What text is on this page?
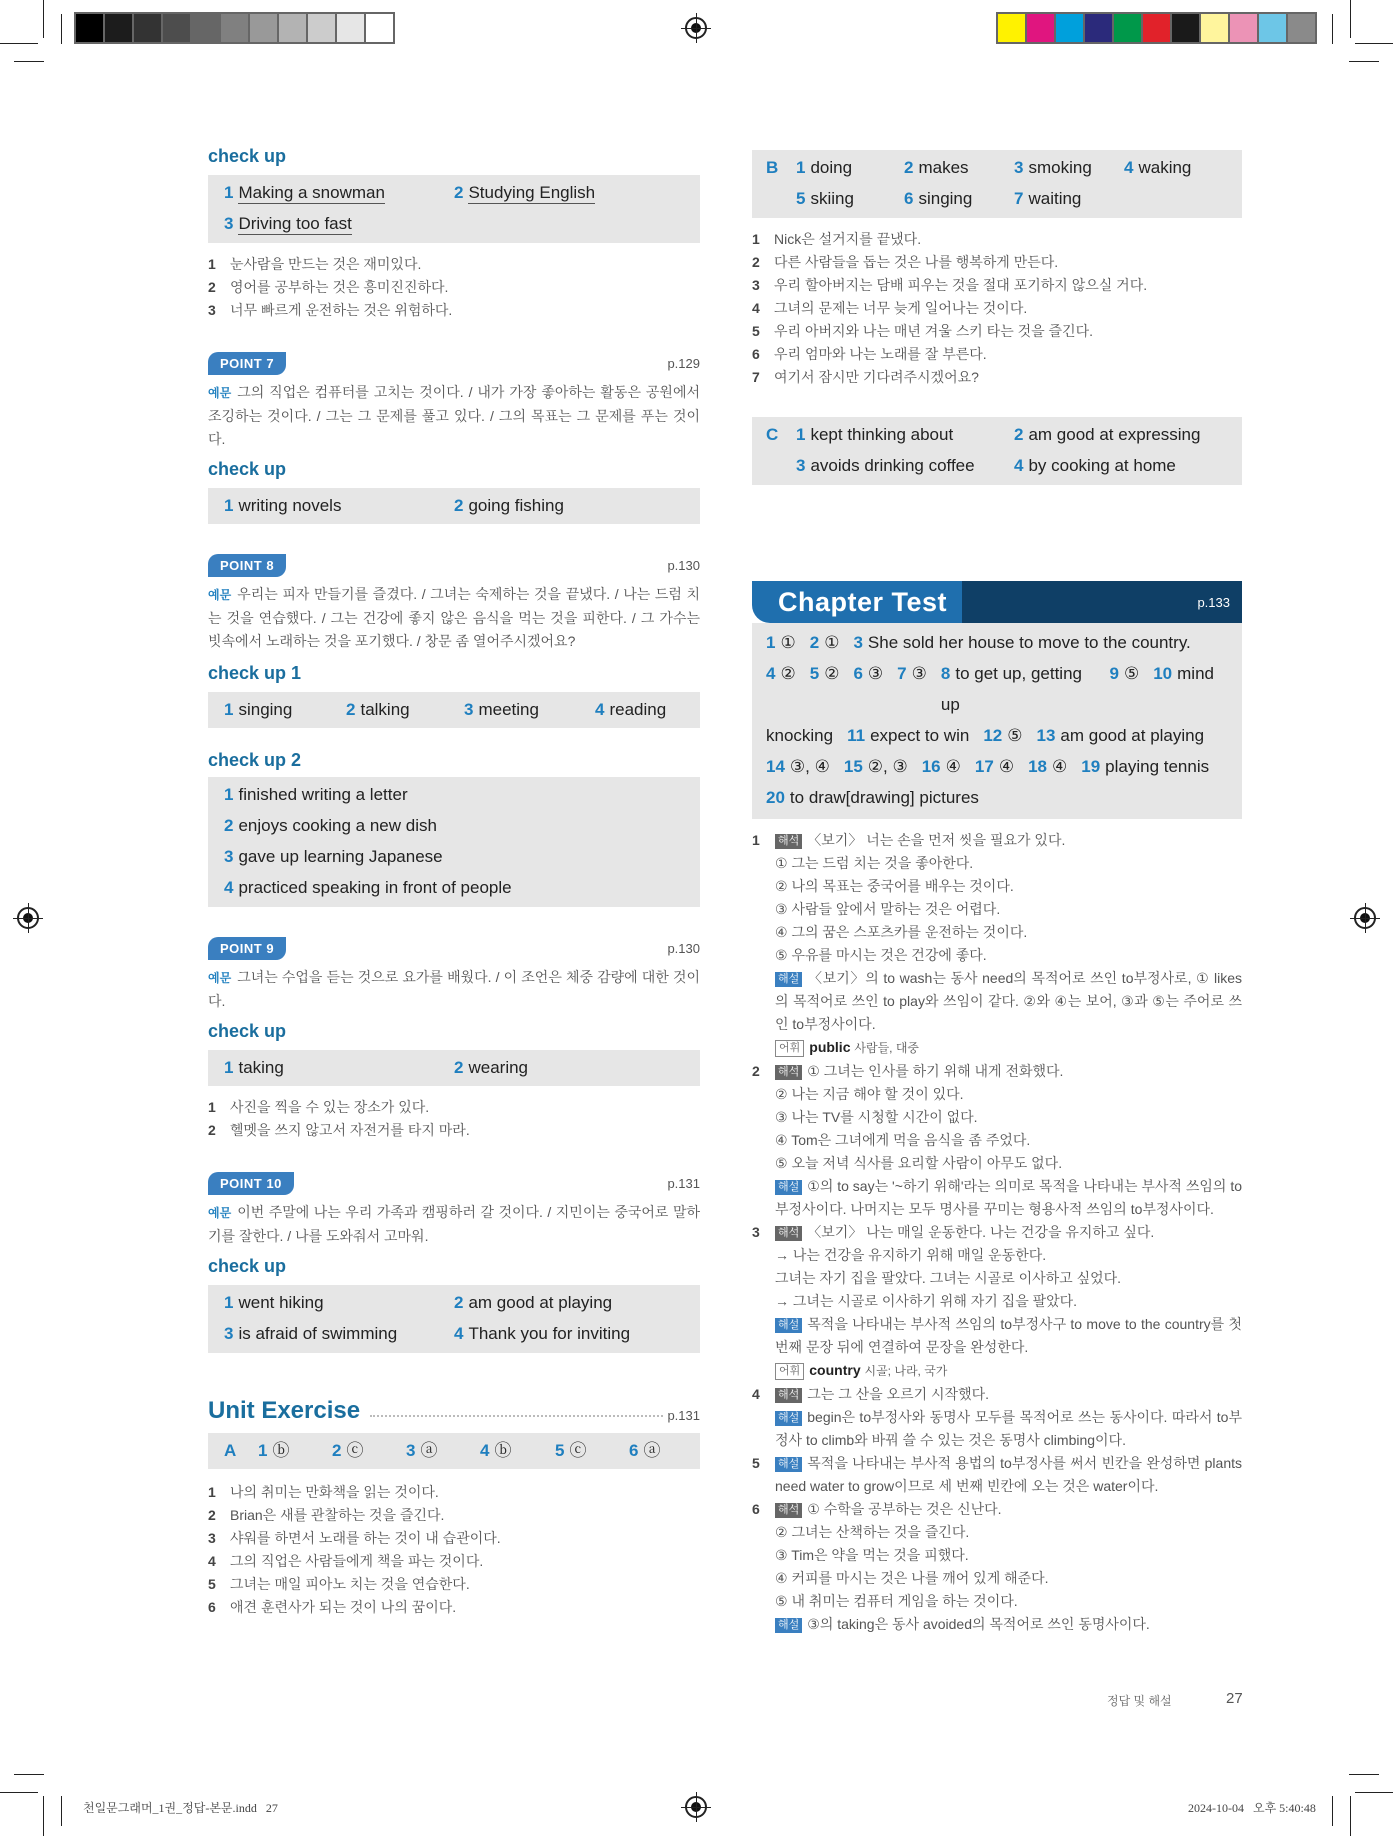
천일문그래머_1권_정답-본문.indd   27	2024-10-04   오후 5:40:48

check up

1 Making a snowman	2 Studying English
3 Driving too fast
1	눈사람을 만드는 것은 재미있다.
2	영어를 공부하는 것은 흥미진진하다.
3	너무 빠르게 운전하는 것은 위험하다.
POINT 7	p.129
예문 그의 직업은 컴퓨터를 고치는 것이다. / 내가 가장 좋아하는 활동은 공원에서 조깅하는 것이다. / 그는 그 문제를 풀고 있다. / 그의 목표는 그 문제를 푸는 것이다.

check up

1 writing novels	2 going fishing
POINT 8	p.130
예문 우리는 피자 만들기를 즐겼다. / 그녀는 숙제하는 것을 끝냈다. / 나는 드럼 치는 것을 연습했다. / 그는 건강에 좋지 않은 음식을 먹는 것을 피한다. / 그 가수는 빗속에서 노래하는 것을 포기했다. / 창문 좀 열어주시겠어요?

check up 1

1 singing	2 talking	3 meeting	4 reading

check up 2

1 finished writing a letter
2 enjoys cooking a new dish
3 gave up learning Japanese
4 practiced speaking in front of people
POINT 9	p.130
예문 그녀는 수업을 듣는 것으로 요가를 배웠다. / 이 조언은 체중 감량에 대한 것이다.

check up

1 taking	2 wearing
1	사진을 찍을 수 있는 장소가 있다.
2	헬멧을 쓰지 않고서 자전거를 타지 마라.
POINT 10	p.131
예문 이번 주말에 나는 우리 가족과 캠핑하러 갈 것이다. / 지민이는 중국어로 말하기를 잘한다. / 나를 도와줘서 고마워.

check up

1 went hiking	2 am good at playing
3 is afraid of swimming	4 Thank you for inviting
Unit Exercise	p.131
A	1 ⓑ	2 ⓒ	3 ⓐ	4 ⓑ	5 ⓒ	6 ⓐ
1	나의 취미는 만화책을 읽는 것이다.
2	Brian은 새를 관찰하는 것을 즐긴다.
3	샤워를 하면서 노래를 하는 것이 내 습관이다.
4	그의 직업은 사람들에게 책을 파는 것이다.
5	그녀는 매일 피아노 치는 것을 연습한다.
6	애견 훈련사가 되는 것이 나의 꿈이다.
B	1 doing	2 makes	3 smoking	4 waking
5 skiing	6 singing	7 waiting
1	Nick은 설거지를 끝냈다.
2	다른 사람들을 돕는 것은 나를 행복하게 만든다.
3	우리 할아버지는 담배 피우는 것을 절대 포기하지 않으실 거다.
4	그녀의 문제는 너무 늦게 일어나는 것이다.
5	우리 아버지와 나는 매년 겨울 스키 타는 것을 즐긴다.
6	우리 엄마와 나는 노래를 잘 부른다.
7	여기서 잠시만 기다려주시겠어요?
C	1 kept thinking about	2 am good at expressing
3 avoids drinking coffee	4 by cooking at home
Chapter Test	p.133
1 ① 2 ① 3 She sold her house to move to the country.
4 ② 5 ② 6 ③ 7 ③ 8 to get up, getting up
9 ⑤ 10 mind
knocking 11 expect to win 12 ⑤ 13 am good at playing
14 ③, ④ 15 ②, ③ 16 ④ 17 ④ 18 ④ 19 playing tennis
20 to draw[drawing] pictures
1	해석 〈보기〉 너는 손을 먼저 씻을 필요가 있다.
① 그는 드럼 치는 것을 좋아한다.
② 나의 목표는 중국어를 배우는 것이다.
③ 사람들 앞에서 말하는 것은 어렵다.
④ 그의 꿈은 스포츠카를 운전하는 것이다.
⑤ 우유를 마시는 것은 건강에 좋다.
해설 〈보기〉의 to wash는 동사 need의 목적어로 쓰인 to부정사로, ① likes의 목적어로 쓰인 to play와 쓰임이 같다. ②와 ④는 보어, ③과 ⑤는 주어로 쓰인 to부정사이다.
어휘 public 사람들, 대중
2	해석 ① 그녀는 인사를 하기 위해 내게 전화했다.
② 나는 지금 해야 할 것이 있다.
③ 나는 TV를 시청할 시간이 없다.
④ Tom은 그녀에게 먹을 음식을 좀 주었다.
⑤ 오늘 저녁 식사를 요리할 사람이 아무도 없다.
해설 ①의 to say는 '~하기 위해'라는 의미로 목적을 나타내는 부사적 쓰임의 to부정사이다. 나머지는 모두 명사를 꾸미는 형용사적 쓰임의 to부정사이다.
3	해석 〈보기〉 나는 매일 운동한다. 나는 건강을 유지하고 싶다.
→ 나는 건강을 유지하기 위해 매일 운동한다.
그녀는 자기 집을 팔았다. 그녀는 시골로 이사하고 싶었다.
→ 그녀는 시골로 이사하기 위해 자기 집을 팔았다.
해설 목적을 나타내는 부사적 쓰임의 to부정사구 to move to the country를 첫 번째 문장 뒤에 연결하여 문장을 완성한다.
어휘 country 시골; 나라, 국가
4	해석 그는 그 산을 오르기 시작했다.
해설 begin은 to부정사와 동명사 모두를 목적어로 쓰는 동사이다. 따라서 to부정사 to climb와 바꿔 쓸 수 있는 것은 동명사 climbing이다.
5	해설 목적을 나타내는 부사적 용법의 to부정사를 써서 빈칸을 완성하면 plants need water to grow이므로 세 번째 빈칸에 오는 것은 water이다.
6	해석 ① 수학을 공부하는 것은 신난다.
② 그녀는 산책하는 것을 즐긴다.
③ Tim은 약을 먹는 것을 피했다.
④ 커피를 마시는 것은 나를 깨어 있게 해준다.
⑤ 내 취미는 컴퓨터 게임을 하는 것이다.
해설 ③의 taking은 동사 avoided의 목적어로 쓰인 동명사이다.
정답 및 해설	27
